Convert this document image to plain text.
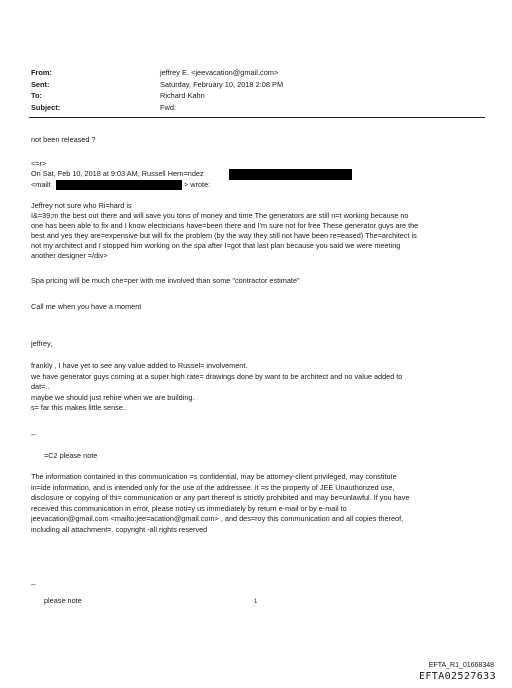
From:	jeffrey E. <jeevacation@gmail.com>
Sent:	Saturday, February 10, 2018 2:08 PM
To:	Richard Kahn
Subject:	Fwd:
not been released ?
<=r>
On Sat, Feb 10, 2018 at 9:03 AM, Russell Hern=ndez
<mailt	> wrote:
Jeffrey not sure who Ri=hard is
I&=39;m the best out there and will save you tons of money and time The generators are still n=t working because no
one has been able to fix and I know electricians have=been there and I'm sure not for free These generator guys are the
best and yes they are=expensive but will fix the problem (by the way they still not have been re=eased) The=architect is
not my architect and I stopped him working on the spa after I=got that last plan because you said we were meeting
another designer =/div>
Spa pricing will be much che=per with me involved than some "contractor estimate"
Call me when you have a moment
jeffrey,
frankly , I have yet to see any value added to Russel= involvement.
we have generator guys coming at a super high rate= drawings done by want to be architect and no value added to
dat=..
maybe we should just rehire when we are building.
s= far this makes little sense..
--
=C2 please note
The information contained in this communication =s confidential, may be attorney-client privileged, may constitute
in=ide information, and is intended only for the use of the addressee. It =s the property of JEE Unauthorized use,
disclosure or copying of thi= communication or any part thereof is strictly prohibited and may be=unlawful. If you have
received this communication in error, please noti=y us immediately by return e-mail or by e-mail to
jeevacation@gmail.com <mailto:jee=acation@gmail.com> , and des=roy this communication and all copies thereof,
including all attachment=. copyright -all rights reserved
--
please note	1
EFTA_R1_01668348
EFTA02527633
